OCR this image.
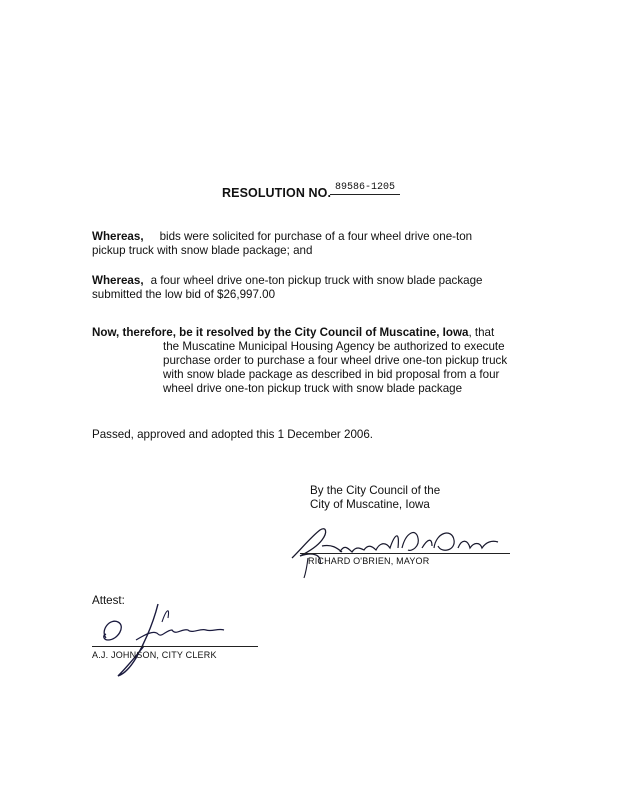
RESOLUTION NO. 89586-1205
Whereas, bids were solicited for purchase of a four wheel drive one-ton
pickup truck with snow blade package; and
Whereas, a four wheel drive one-ton pickup truck with snow blade package
submitted the low bid of $26,997.00
Now, therefore, be it resolved by the City Council of Muscatine, Iowa, that
the Muscatine Municipal Housing Agency be authorized to execute
purchase order to purchase a four wheel drive one-ton pickup truck
with snow blade package as described in bid proposal from a four
wheel drive one-ton pickup truck with snow blade package
Passed, approved and adopted this 1 December 2006.
By the City Council of the
City of Muscatine, Iowa
RICHARD O'BRIEN, MAYOR
Attest:
A.J. JOHNSON, CITY CLERK
